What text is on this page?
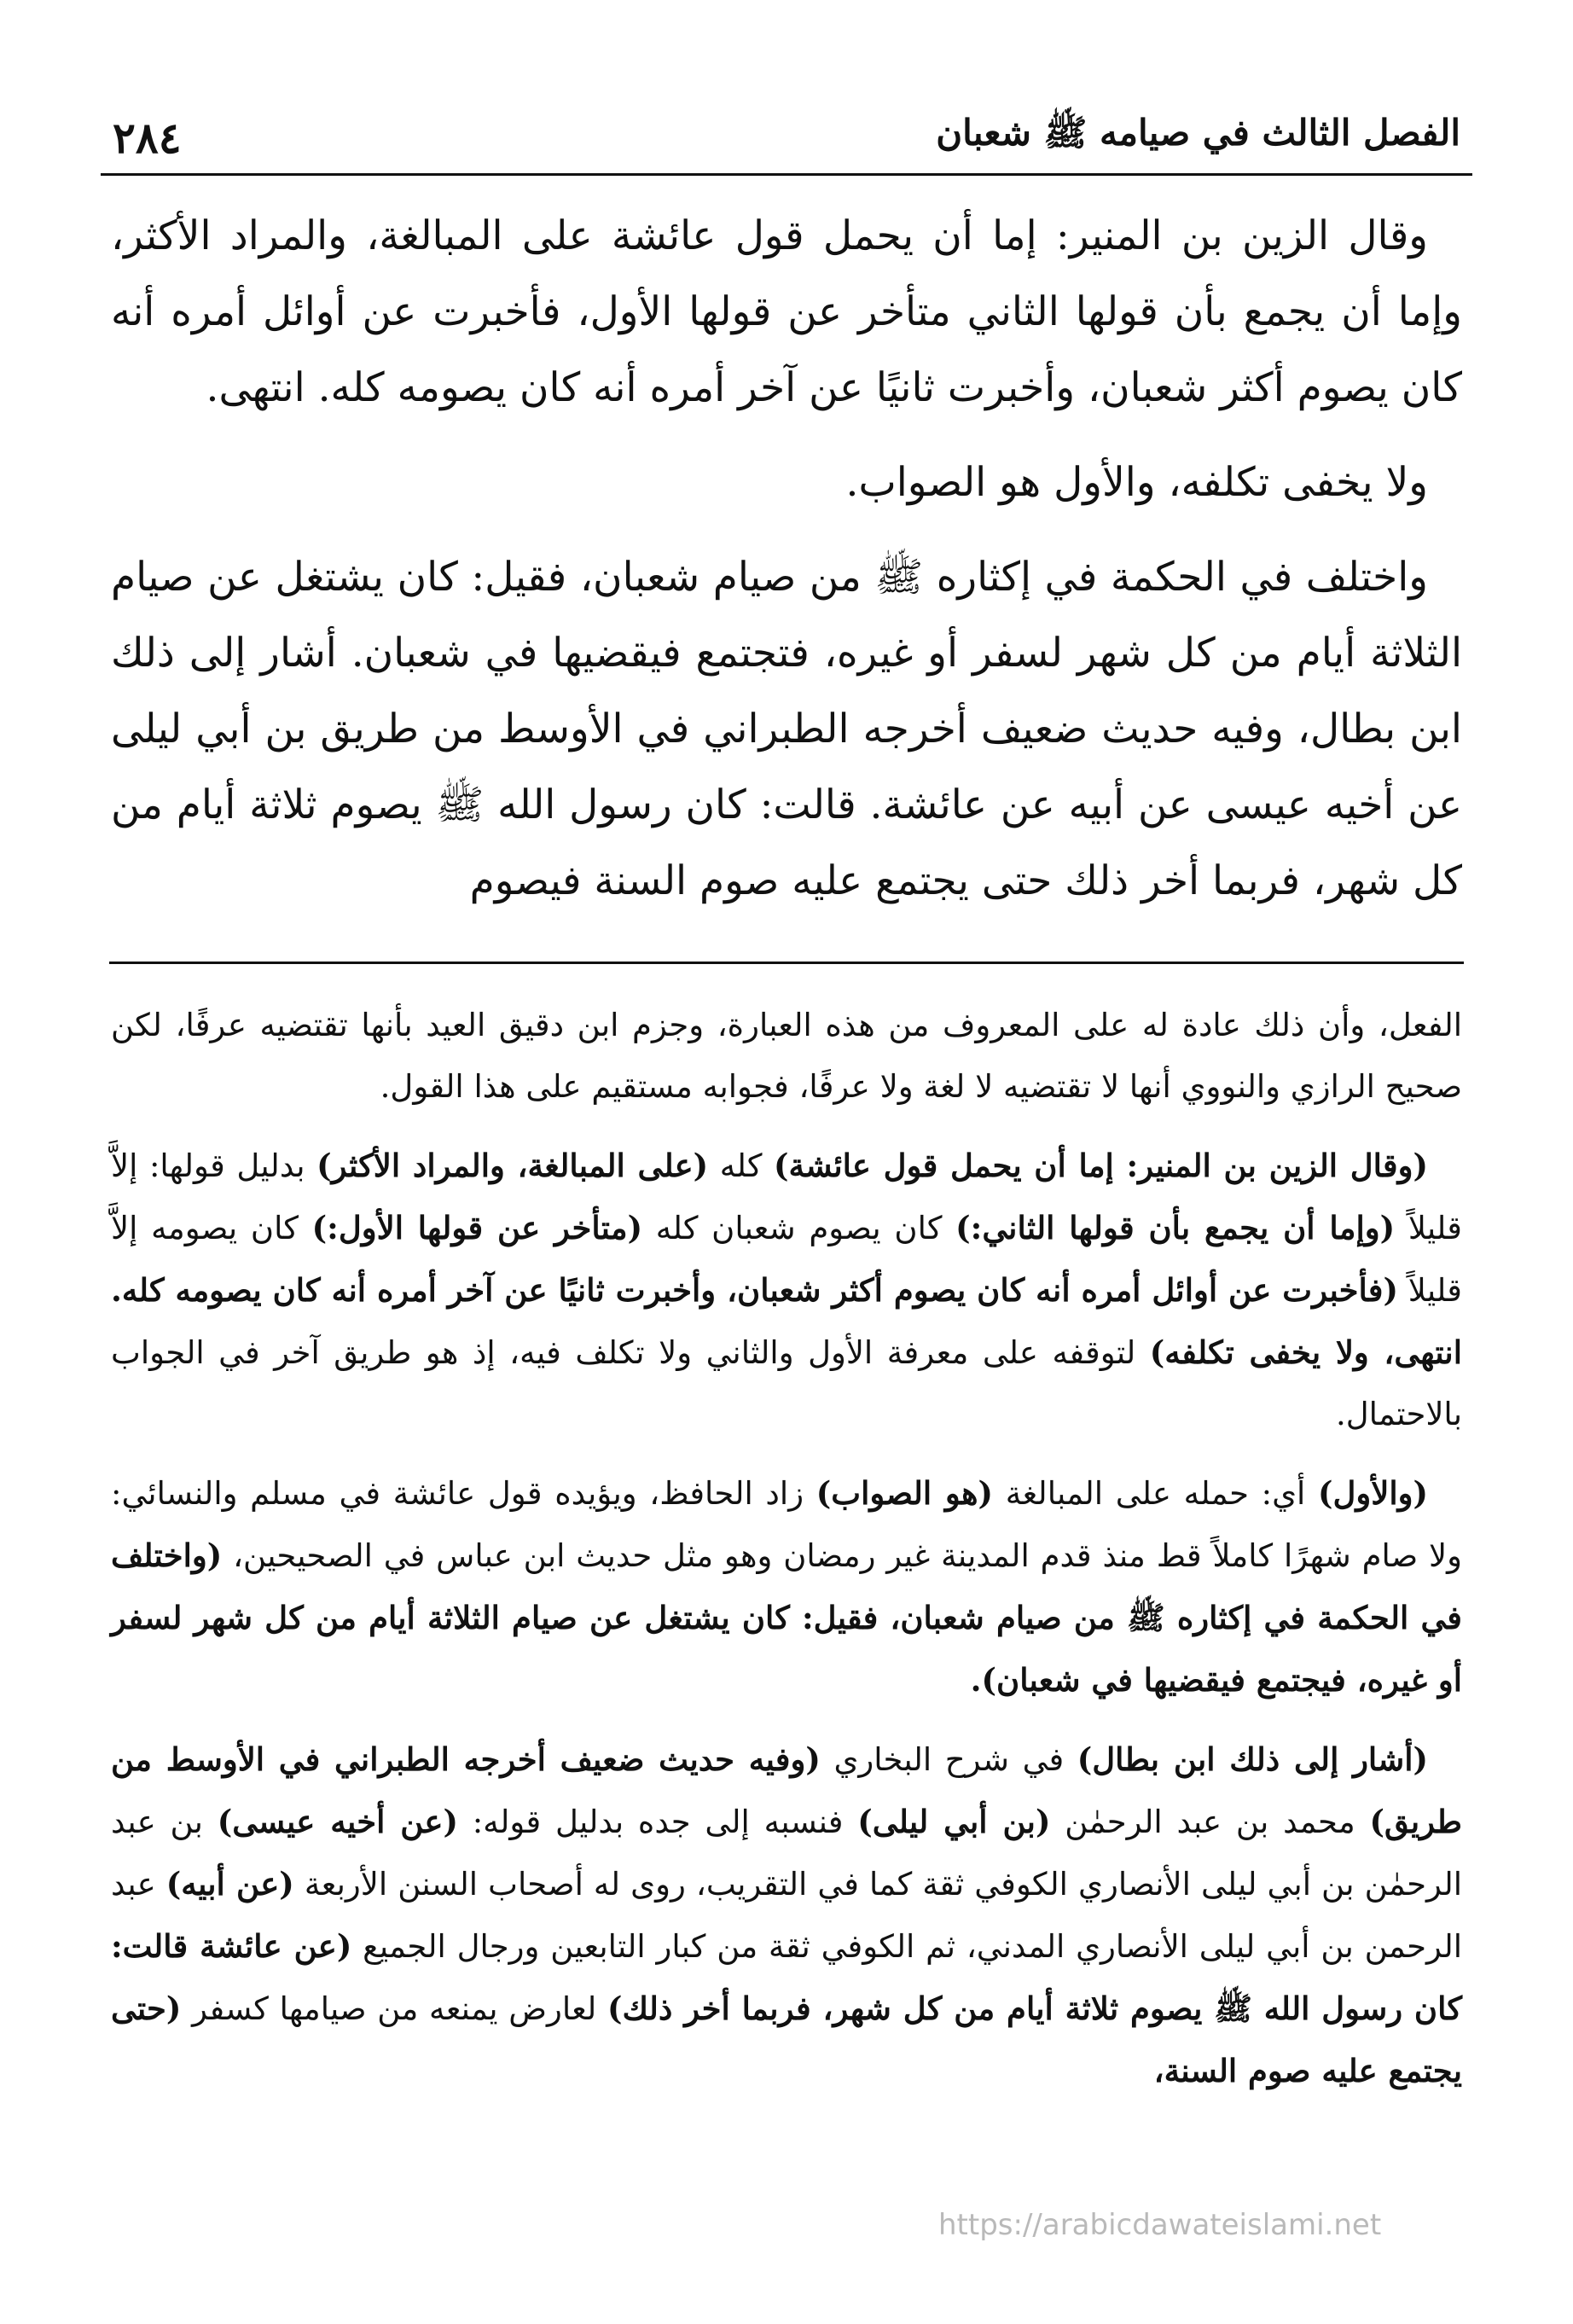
الفصل الثالث في صيامه ﷺ شعبان
٢٨٤

وقال الزين بن المنير: إما أن يحمل قول عائشة على المبالغة، والمراد الأكثر، وإما أن يجمع بأن قولها الثاني متأخر عن قولها الأول، فأخبرت عن أوائل أمره أنه كان يصوم أكثر شعبان، وأخبرت ثانيًا عن آخر أمره أنه كان يصومه كله. انتهى.

ولا يخفى تكلفه، والأول هو الصواب.

واختلف في الحكمة في إكثاره ﷺ من صيام شعبان، فقيل: كان يشتغل عن صيام الثلاثة أيام من كل شهر لسفر أو غيره، فتجتمع فيقضيها في شعبان. أشار إلى ذلك ابن بطال، وفيه حديث ضعيف أخرجه الطبراني في الأوسط من طريق بن أبي ليلى عن أخيه عيسى عن أبيه عن عائشة. قالت: كان رسول الله ﷺ يصوم ثلاثة أيام من كل شهر، فربما أخر ذلك حتى يجتمع عليه صوم السنة فيصوم

الفعل، وأن ذلك عادة له على المعروف من هذه العبارة، وجزم ابن دقيق العيد بأنها تقتضيه عرفًا، لكن صحيح الرازي والنووي أنها لا تقتضيه لا لغة ولا عرفًا، فجوابه مستقيم على هذا القول.

(وقال الزين بن المنير: إما أن يحمل قول عائشة) كله (على المبالغة، والمراد الأكثر) بدليل قولها: إلاَّ قليلاً (وإما أن يجمع بأن قولها الثاني:) كان يصوم شعبان كله (متأخر عن قولها الأول:) كان يصومه إلاَّ قليلاً (فأخبرت عن أوائل أمره أنه كان يصوم أكثر شعبان، وأخبرت ثانيًا عن آخر أمره أنه كان يصومه كله. انتهى، ولا يخفى تكلفه) لتوقفه على معرفة الأول والثاني ولا تكلف فيه، إذ هو طريق آخر في الجواب بالاحتمال.

(والأول) أي: حمله على المبالغة (هو الصواب) زاد الحافظ، ويؤيده قول عائشة في مسلم والنسائي: ولا صام شهرًا كاملاً قط منذ قدم المدينة غير رمضان وهو مثل حديث ابن عباس في الصحيحين، (واختلف في الحكمة في إكثاره ﷺ من صيام شعبان، فقيل: كان يشتغل عن صيام الثلاثة أيام من كل شهر لسفر أو غيره، فيجتمع فيقضيها في شعبان).

(أشار إلى ذلك ابن بطال) في شرح البخاري (وفيه حديث ضعيف أخرجه الطبراني في الأوسط من طريق) محمد بن عبد الرحمٰن (بن أبي ليلى) فنسبه إلى جده بدليل قوله: (عن أخيه عيسى) بن عبد الرحمٰن بن أبي ليلى الأنصاري الكوفي ثقة كما في التقريب، روى له أصحاب السنن الأربعة (عن أبيه) عبد الرحمن بن أبي ليلى الأنصاري المدني، ثم الكوفي ثقة من كبار التابعين ورجال الجميع (عن عائشة قالت: كان رسول الله ﷺ يصوم ثلاثة أيام من كل شهر، فربما أخر ذلك) لعارض يمنعه من صيامها كسفر (حتى يجتمع عليه صوم السنة،

https://arabicdawateislami.net
